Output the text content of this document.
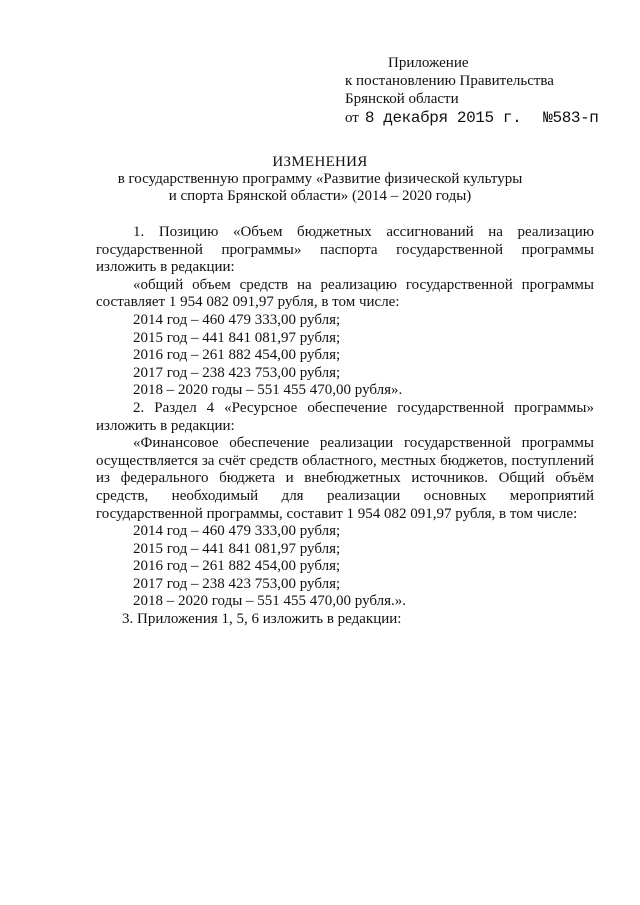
Приложение
к постановлению Правительства
Брянской области
от 8 декабря 2015 г. №583-п
ИЗМЕНЕНИЯ
в государственную программу «Развитие физической культуры
и спорта Брянской области» (2014 – 2020 годы)

1. Позицию «Объем бюджетных ассигнований на реализацию государственной программы» паспорта государственной программы изложить в редакции:

«общий объем средств на реализацию государственной программы составляет 1 954 082 091,97 рубля, в том числе:

2014 год – 460 479 333,00 рубля;
2015 год – 441 841 081,97 рубля;
2016 год – 261 882 454,00 рубля;
2017 год – 238 423 753,00 рубля;
2018 – 2020 годы – 551 455 470,00 рубля».

2. Раздел 4 «Ресурсное обеспечение государственной программы» изложить в редакции:

«Финансовое обеспечение реализации государственной программы осуществляется за счёт средств областного, местных бюджетов, поступлений из федерального бюджета и внебюджетных источников. Общий объём средств, необходимый для реализации основных мероприятий государственной программы, составит 1 954 082 091,97 рубля, в том числе:

2014 год – 460 479 333,00 рубля;
2015 год – 441 841 081,97 рубля;
2016 год – 261 882 454,00 рубля;
2017 год – 238 423 753,00 рубля;
2018 – 2020 годы – 551 455 470,00 рубля.».
3. Приложения 1, 5, 6 изложить в редакции:
